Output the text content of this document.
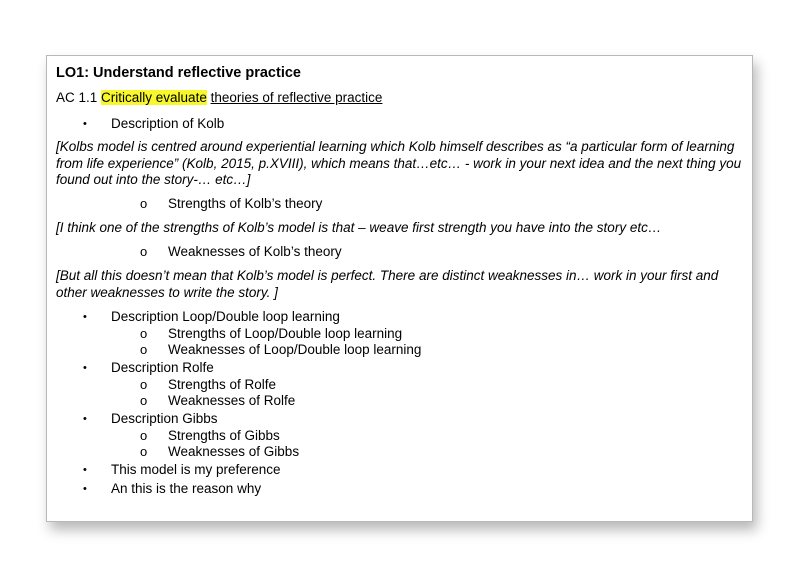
LO1: Understand reflective practice
AC 1.1 Critically evaluate theories of reflective practice
• Description of Kolb
[Kolbs model is centred around experiential learning which Kolb himself describes as “a particular form of learning from life experience” (Kolb, 2015, p.XVIII), which means that…etc… - work in your next idea and the next thing you found out into the story-… etc…]
o Strengths of Kolb’s theory
[I think one of the strengths of Kolb’s model is that – weave first strength you have into the story etc…
o Weaknesses of Kolb’s theory
[But all this doesn’t mean that Kolb’s model is perfect. There are distinct weaknesses in… work in your first and other weaknesses to write the story. ]
• Description Loop/Double loop learning
o Strengths of Loop/Double loop learning
o Weaknesses of Loop/Double loop learning
• Description Rolfe
o Strengths of Rolfe
o Weaknesses of Rolfe
• Description Gibbs
o Strengths of Gibbs
o Weaknesses of Gibbs
• This model is my preference
• An this is the reason why
